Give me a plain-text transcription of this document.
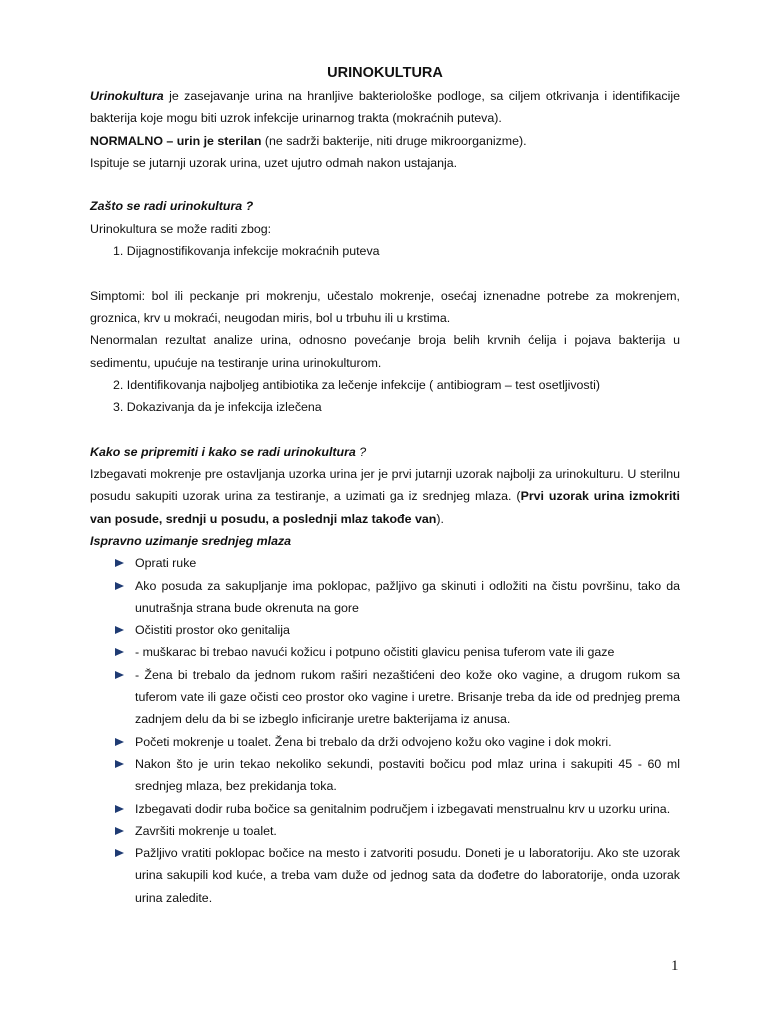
URINOKULTURA

Urinokultura je zasejavanje urina na hranljive bakteriološke podloge, sa ciljem otkrivanja i identifikacije bakterija koje mogu biti uzrok infekcije urinarnog trakta (mokraćnih puteva).

NORMALNO – urin je sterilan (ne sadrži bakterije, niti druge mikroorganizme).

Ispituje se jutarnji uzorak urina, uzet ujutro odmah nakon ustajanja.

Zašto se radi urinokultura ?

Urinokultura se može raditi zbog:

1. Dijagnostifikovanja infekcije mokraćnih puteva

Simptomi: bol ili peckanje pri mokrenju, učestalo mokrenje, osećaj iznenadne potrebe za mokrenjem, groznica, krv u mokraći, neugodan miris, bol u trbuhu ili u krstima.

Nenormalan rezultat analize urina, odnosno povećanje broja belih krvnih ćelija i pojava bakterija u sedimentu, upućuje na testiranje urina urinokulturom.

2. Identifikovanja najboljeg antibiotika za lečenje infekcije ( antibiogram – test osetljivosti)
3. Dokazivanja da je infekcija izlečena

Kako se pripremiti i kako se radi urinokultura ?

Izbegavati mokrenje pre ostavljanja uzorka urina jer je prvi jutarnji uzorak najbolji za urinokulturu. U sterilnu posudu sakupiti uzorak urina za testiranje, a uzimati ga iz srednjeg mlaza. (Prvi uzorak urina izmokriti van posude, srednji u posudu, a poslednji mlaz takođe van).

Ispravno uzimanje srednjeg mlaza

Oprati ruke
Ako posuda za sakupljanje ima poklopac, pažljivo ga skinuti i odložiti na čistu površinu, tako da unutrašnja strana bude okrenuta na gore
Očistiti prostor oko genitalija
- muškarac bi trebao navući kožicu i potpuno očistiti glavicu penisa tuferom vate ili gaze
- Žena bi trebalo da jednom rukom raširi nezaštićeni deo kože oko vagine, a drugom rukom sa tuferom vate ili gaze očisti ceo prostor oko vagine i uretre. Brisanje treba da ide od prednjeg prema zadnjem delu da bi se izbeglo inficiranje uretre bakterijama iz anusa.
Početi mokrenje u toalet. Žena bi trebalo da drži odvojeno kožu oko vagine i dok mokri.
Nakon što je urin tekao nekoliko sekundi, postaviti bočicu pod mlaz urina i sakupiti 45 - 60 ml srednjeg mlaza, bez prekidanja toka.
Izbegavati dodir ruba bočice sa genitalnim područjem i izbegavati menstrualnu krv u uzorku urina.
Završiti mokrenje u toalet.
Pažljivo vratiti poklopac bočice na mesto i zatvoriti posudu. Doneti je u laboratoriju. Ako ste uzorak urina sakupili kod kuće, a treba vam duže od jednog sata da dođetre do laboratorije, onda uzorak urina zaledite.
1
